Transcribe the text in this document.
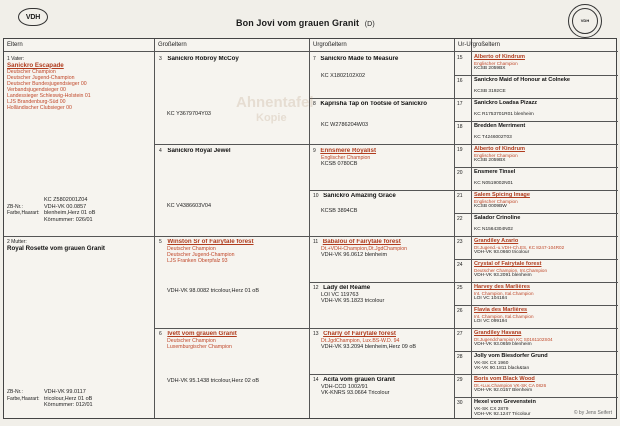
VDH
Bon Jovi vom grauen Granit (D)
VDH
Eltern	Großeltern	Urgroßeltern	Ur-Urgroßeltern
Ahnentafel
Kopie
1 Vater:
Sanickro Escapade
Deutscher Champion
Deutscher Jugend-Champion
Deutscher Bundesjugendsieger 00
Verbandsjugendsieger 00
Landessieger Schleswig-Holstein 01
LJS Brandenburg-Süd 00
Holländischer Clubsieger 00
KC Z5802001Z04
ZB-Nr.:	VDH-VK 00.0857
Farbe,Haarart: blenheim,Herz 01 oB
Körnummer: 026/01
2 Mutter:
Royal Rosette vom grauen Granit
ZB-Nr.:	VDH-VK 99.0117
Farbe,Haarart: tricolour,Herz 01 oB
Körnummer: 012/01
3 Sanickro Robroy McCoy
KC Y3679704Y03
4 Sanickro Royal Jewel
KC V4386603V04
5 Winston Sr of Fairytale forest
Deutscher Champion
Deutscher Jugend-Champion
LJS Franken Oberpfalz 93
VDH-VK 98.0082 tricolour,Herz 01 oB
6 Ivett vom grauen Granit
Deutscher Champion
Luxemburgischer Champion
VDH-VK 95.1438 tricolour,Herz 02 oB
7 Sanickro Made to Measure
KC X1802102X02
8 Kaprisha Tap on Tootsie of Sanickro
KC W2786204W03
9 Ennsmere Royalist
Englischer Champion
KCSB 0780CB
10 Sanickro Amazing Grace
KCSB 3894CB
11 Babalou of Fairytale forest
Dt.+VDH-Champion,Dt.JgdChampion
VDH-VK 96.0612 blenheim
12 Lady del Reame
LOI VC 119763
VDH-VK 95.1823 tricolour
13 Charly of Fairytale forest
Dt.JgdChampion, Lux.BS-W.D. 94
VDH-VK 93.2094 blenheim,Herz 09 oB
14 Acita vom grauen Granit
VDH-CCD 1002/91
VK-KNRS 93.0664 Tricolour
15	Alberto of Kindrum
Englischer Champion
KCSB 2059BX
16	Sanickro Maid of Honour at Colneke
KCSB 3192CE
17	Sanickro Loadsa Pizazz
KC R1753701R01 blenheim
18	Bredden Merriment
KC T4246002T03
19	Alberto of Kindrum
Englischer Champion
KCSB 2059BX
20	Ensmere Tinsel
KC N0519002N01
21	Salem Spicing Image
Englischer Champion
KCSB 0009BW
22	Salador Crinoline
KC N1564304N02
23	Grandiley Azario
Dt.Jugend.-u.VDH-Ch.ES, KC 8247-104R02
VDH-VK 93.0660 tricolour
24	Crystal of Fairytale forest
Deutscher Champion, Int.Champion
VDH-VK 93.2091 blenheim
25	Harvey des Marlières
Int. Champion, Ital.Champion
LOI VC 104184
26	Flavia des Marlières
Int. Champion, Ital.Champion
LOI VC 099194
27	Grandiley Havana
Dt.Jugendchampion KC S0161102S04
VDH-VK 93.0659 blenheim
28	Jolly vom Biesdorfer Grund
VK-SK CX 1960
VK-VK 90.1811 black&tan
29	Boris vom Black Wood
Dt.+Lux.Champion VK-SK CA 0826
VDH-VK 92.0157 Blenheim
30	Hexel vom Grevenstein
VK-SK CX 2879
VDH-VK 92.1247 Tricolour	© by Jens Seifert
